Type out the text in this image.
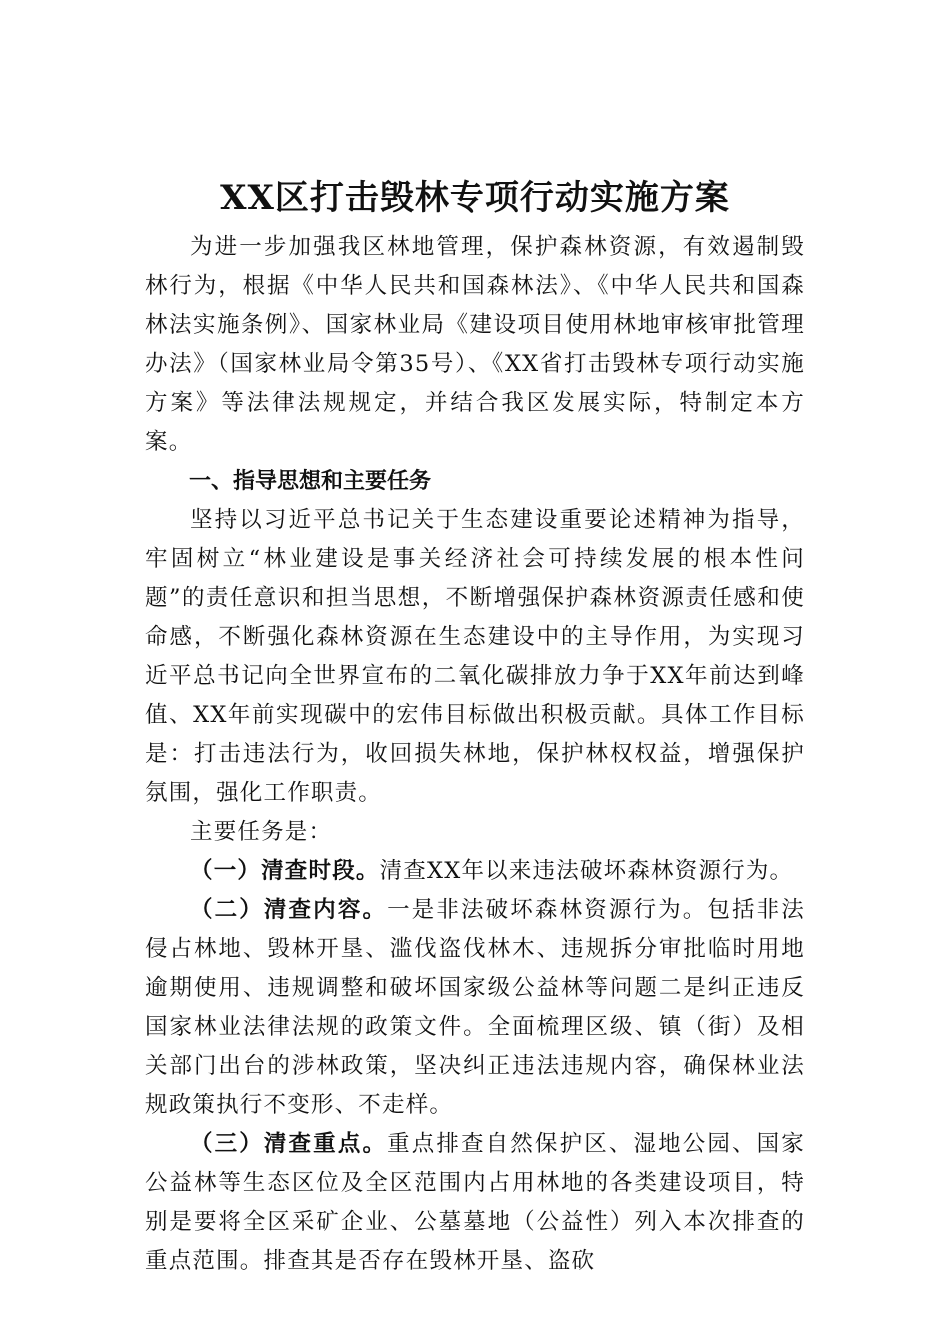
XX区打击毁林专项行动实施方案

为进一步加强我区林地管理，保护森林资源，有效遏制毁林行为，根据《中华人民共和国森林法》、《中华人民共和国森林法实施条例》、国家林业局《建设项目使用林地审核审批管理办法》（国家林业局令第35号）、《XX省打击毁林专项行动实施方案》等法律法规规定，并结合我区发展实际，特制定本方案。

一、指导思想和主要任务

坚持以习近平总书记关于生态建设重要论述精神为指导，牢固树立“林业建设是事关经济社会可持续发展的根本性问题”的责任意识和担当思想，不断增强保护森林资源责任感和使命感，不断强化森林资源在生态建设中的主导作用，为实现习近平总书记向全世界宣布的二氧化碳排放力争于XX年前达到峰值、XX年前实现碳中的宏伟目标做出积极贡献。具体工作目标是：打击违法行为，收回损失林地，保护林权权益，增强保护氛围，强化工作职责。

主要任务是：

（一）清查时段。清查XX年以来违法破坏森林资源行为。

（二）清查内容。一是非法破坏森林资源行为。包括非法侵占林地、毁林开垦、滥伐盗伐林木、违规拆分审批临时用地逾期使用、违规调整和破坏国家级公益林等问题二是纠正违反国家林业法律法规的政策文件。全面梳理区级、镇（街）及相关部门出台的涉林政策，坚决纠正违法违规内容，确保林业法规政策执行不变形、不走样。

（三）清查重点。重点排查自然保护区、湿地公园、国家公益林等生态区位及全区范围内占用林地的各类建设项目，特别是要将全区采矿企业、公墓墓地（公益性）列入本次排查的重点范围。排查其是否存在毁林开垦、盗砍
